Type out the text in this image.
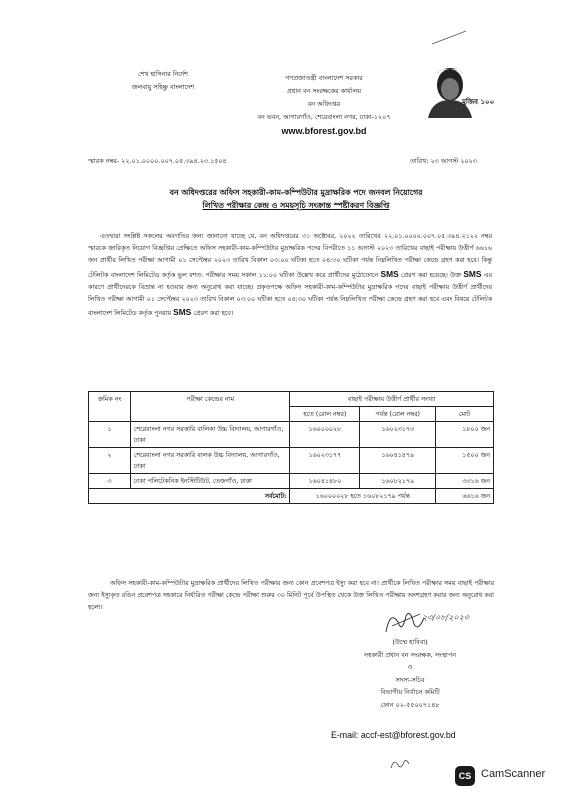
শেখ হাসিনার নির্দেশ
জলবায়ু সহিষ্ণু বাংলাদেশ
গণপ্রজাতন্ত্রী বাংলাদেশ সরকার
প্রধান বন সংরক্ষকের কার্যালয়
বন অধিদপ্তর
বন ভবন, আগারগাঁও, শেরেবাংলা নগর, ঢাকা-১২০৭
www.bforest.gov.bd
মুজিব ১০০
স্মারক নম্বর- ২২.০১.০০০০.০০৭.০৫.৩৯৪.২৩.১৫০৪	তারিখ: ২৩ আগস্ট ২০২৩
বন অধিদপ্তরের অফিস সহকারী-কাম-কম্পিউটার মুদ্রাক্ষরিক পদে জনবল নিয়োগের
লিখিত পরীক্ষার কেন্দ্র ও সময়সূচি সংক্রান্ত স্পষ্টীকরণ বিজ্ঞপ্তি
এতদ্বারা সংশ্লিষ্ট সকলের অবগতির জন্য জানানো যাচ্ছে যে, বন অধিদপ্তরের ৩১ অক্টোবর, ২০২২ তারিখের ২২.০১.০০০০.০০৭.০৫.৩৯৪.২১২২ নম্বর স্মারকে জারিকৃত নিয়োগ বিজ্ঞপ্তির প্রেক্ষিতে অফিস সহকারী-কাম-কম্পিউটার মুদ্রাক্ষরিক পদের বিপরীতে ১১ আগস্ট ২০২৩ তারিখের বাছাই পরীক্ষায় উত্তীর্ণ ৬৬১৬ জন প্রার্থীর লিখিত পরীক্ষা আগামী ০১ সেপ্টেম্বর ২০২৩ তারিখ বিকাল ০৩:০০ ঘটিকা হতে ০৪:৩০ ঘটিকা পর্যন্ত নিম্নলিখিত পরীক্ষা কেন্দ্রে গ্রহণ করা হবে। কিন্তু টেলিটক বাংলাদেশ লিমিটেড কর্তৃক ভুল বশত: পরীক্ষার সময় সকাল ১১:০০ ঘটিকা উল্লেখ করে প্রার্থীদের মুঠোফোনে SMS প্রেরণ করা হয়েছে। উক্ত SMS এর কারণে প্রার্থীদেরকে বিভ্রান্ত না হওয়ার জন্য অনুরোধ করা যাচ্ছে। প্রকৃতপক্ষে অফিস সহকারী-কাম-কম্পিউটার মুদ্রাক্ষরিক পদের বাছাই পরীক্ষায় উত্তীর্ণ প্রার্থীদের লিখিত পরীক্ষা আগামী ০১ সেপ্টেম্বর ২০২৩ তারিখ বিকাল ০৩:০০ ঘটিকা হতে ০৪:৩০ ঘটিকা পর্যন্ত নিম্নলিখিত পরীক্ষা কেন্দ্রে গ্রহণ করা হবে এবং বিষয়ে টেলিটক বাংলাদেশ লিমিটেড কর্তৃক পুনরায় SMS প্রেরণ করা হবে।
ক্রমিক নং	পরীক্ষা কেন্দ্রের নাম	বাছাই পরীক্ষায় উত্তীর্ণ প্রার্থীর সংখ্যা		
		হতে (রোল নম্বর)	পর্যন্ত (রোল নম্বর)	মোট
১	শেরেবাংলা নগর সরকারি বালিকা উচ্চ বিদ্যালয়, আগারগাঁও, ঢাকা	১৬০০০০২৮	১৬০২৩১৭৩	১৮০০ জন
২	শেরেবাংলা নগর সরকারি বালক উচ্চ বিদ্যালয়, আগারগাঁও, ঢাকা	১৬০২৩১৭৭	১৬০৪১৪৭৯	১৫০০ জন
৩	ঢাকা পলিটেকনিক ইনস্টিটিউট, তেজগাঁও, ঢাকা	১৬০৪১৪৮০	১৬০৮২১৭৯	৩৩১৬ জন
সর্বমোট:		১৬০০০০২৮ হতে ১৬০৮২১৭৯ পর্যন্ত		৬৬১৬ জন
অফিস সহকারী-কাম-কম্পিউটার মুদ্রাক্ষরিক প্রার্থীদের লিখিত পরীক্ষার জন্য কোন প্রবেশপত্র ইস্যু করা হবে না। প্রার্থীকে লিখিত পরীক্ষার সময় বাছাই পরীক্ষার জন্য ইস্যুকৃত রঙিন প্রবেশপত্র সহকারে নির্ধারিত পরীক্ষা কেন্দ্রে পরীক্ষা শুরুর ৩০ মিনিট পূর্বে উপস্থিত থেকে উক্ত লিখিত পরীক্ষায় অংশগ্রহণ করার জন্য অনুরোধ করা হলো।
২৩/০৮/২০২৩
(উম্মে হাবিবা)
সহকারী প্রধান বন সংরক্ষক, সংস্থাপন
ও
সদস্য-সচিব
বিভাগীয় নির্বাচন কমিটি
ফোন ০২-৫৫০০৭১৪৮
E-mail: accf-est@bforest.gov.bd
CS CamScanner
